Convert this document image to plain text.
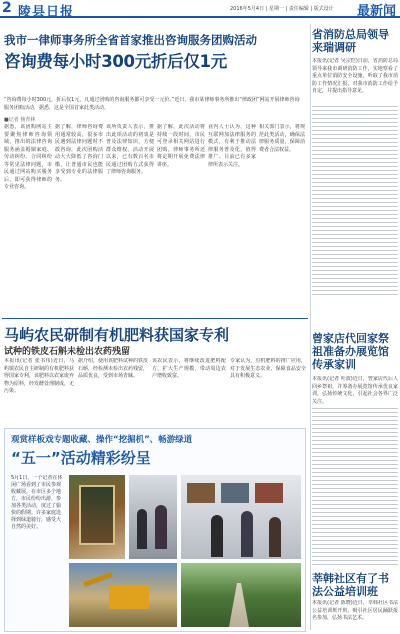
2 陵县日报	2016年5月4日 | 星期一 | 责任编辑 | 版式设计 最新闻
我市一律师事务所全省首家推出咨询服务团购活动
咨询费每小时300元折后仅1元
“咨询费每小时300元，折后仅1元，凡通过团购的咨询服务都可享受一元价。”近日，我市某律师事务所推出“律政团”网站开展律师咨询服务团购活动，据悉，这是全国首家此类活动。
■记者 杨青林
据悉，该团购网站主要聚焦律师咨询领域，推出的法律咨询服务涵盖婚姻家庭、劳动纠纷、合同纠纷等常见法律问题，市民通过网站购买服务后，即可获得律师的专业咨询。
据了解，律师咨询费用通常较高，很多市民遇到法律问题时不敢咨询，此次团购活动大大降低了咨询门槛，让普通市民也能享受到专业的法律服务。
该所负责人表示，推出此项活动的初衷是普及法律知识，方便群众维权。活动开展以来，已有数百名市民通过团购方式获得了律师咨询服务。
据了解，此次活动将持续一段时间，市民可登录相关网站进行团购。律师事务所还将定期开展免费法律讲座。
业内人士认为，这种互联网加法律服务的模式，有利于推动法律服务普及化，值得推广。目前已有多家律所表示关注。
相关部门表示，将规范此类活动，确保法律服务质量，保障消费者合法权益。
马屿农民研制有机肥料获国家专利
试种的铁皮石斛未检出农药残留
本报讯(记者 张书伟)近日，马屿镇农民自主研制的有机肥料获得国家专利，该肥料以农家废弃物为原料，经发酵处理制成，无污染。
据介绍，使用该肥料试种的铁皮石斛，经检测未检出农药残留，品质优良，受到市场青睐。
该农民表示，将继续改进肥料配方，扩大生产规模，带动周边农户增收致富。
专家认为，有机肥料的推广应用，对于发展生态农业、保障食品安全具有积极意义。
省消防总局领导来瑞调研
本报讯(记者 吴宗恺)日前，省消防总局领导来我市调研消防工作，实地察看了重点单位消防安全设施，听取了我市消防工作情况汇报，对我市消防工作给予肯定，并提出指导意见。
曾家店代回家祭祖准备办展览馆传承家训
本报讯(记者 叶波)近日，曾家店代后人回乡祭祖，并筹备办展览馆传承优良家训，弘扬传统文化，引起社会各界广泛关注。
莘韩社区有了书法公益培训班
本报讯(记者 陈晓)近日，莘韩社区书法公益培训班开班，吸引社区居民踊跃报名参加，弘扬书法艺术。
观赏样板戏专题收藏、操作“挖掘机”、畅游绿道
“五一”活动精彩纷呈
5月1日，一个记者在休闲广场看到了市民参观收藏展。在市区多个地方，市民纷纷出游，参加各类活动，度过了愉快的假期。许多家庭选择到绿道骑行，感受大自然的美好。
